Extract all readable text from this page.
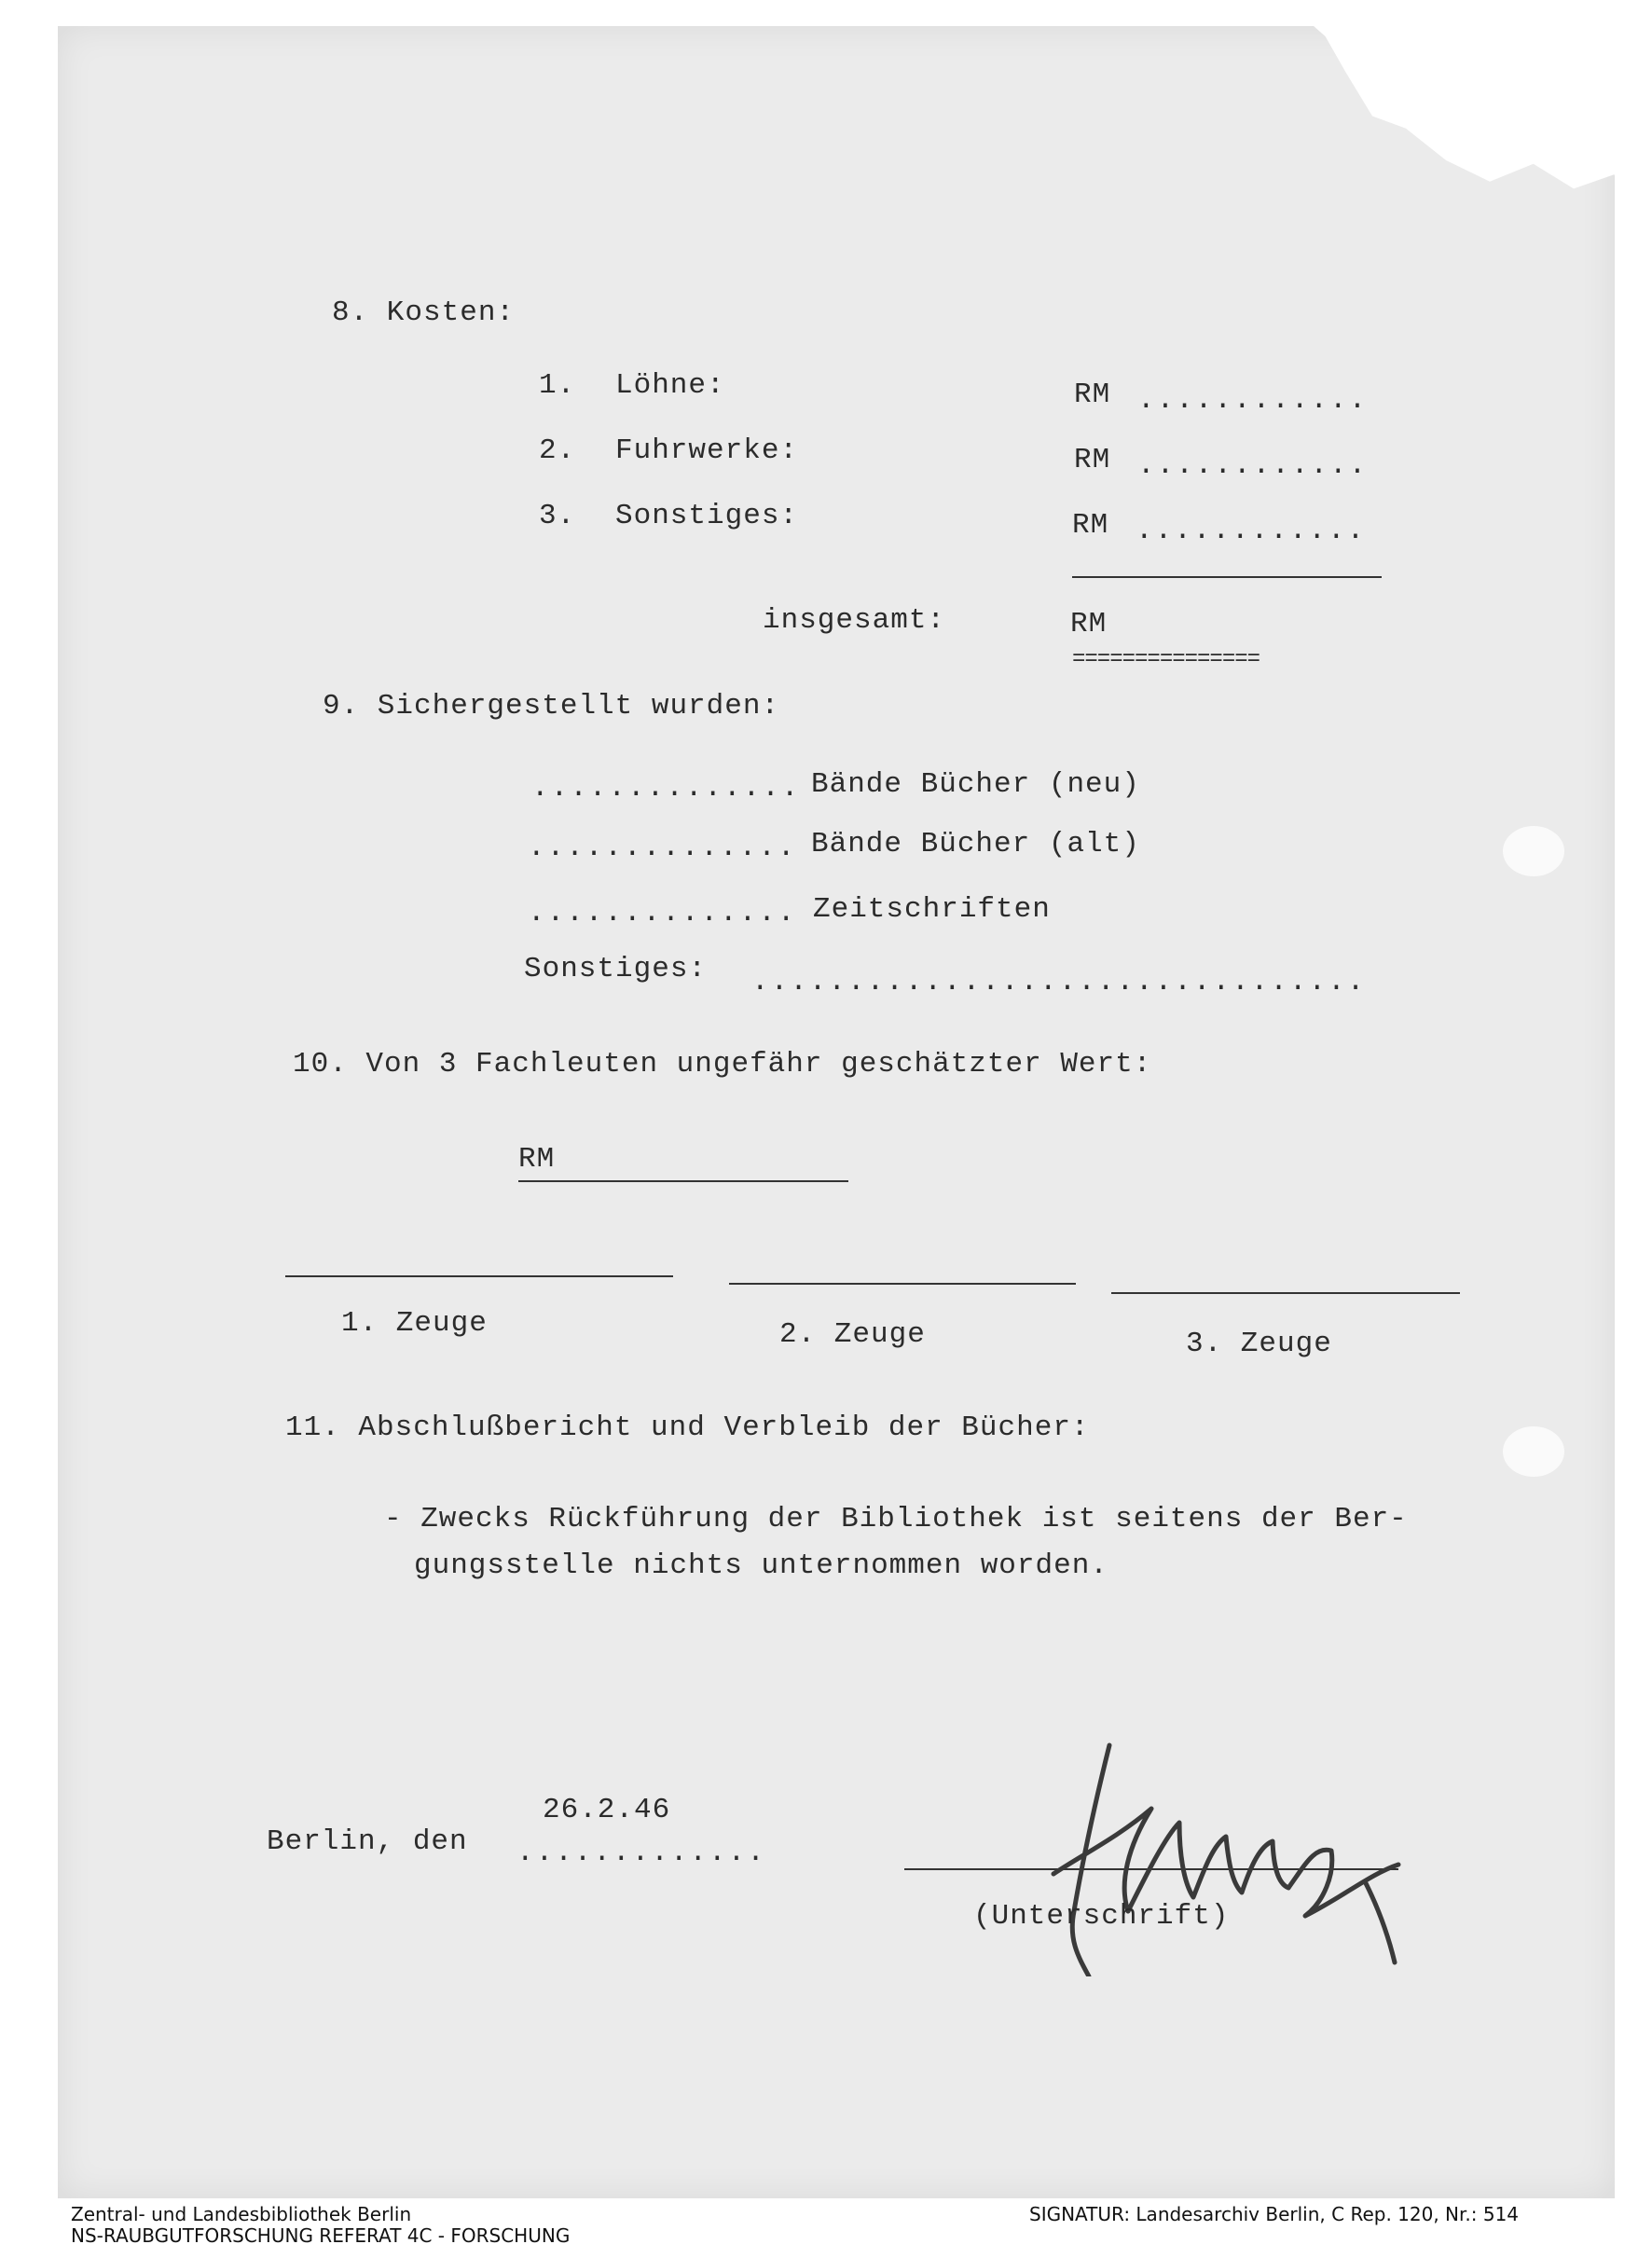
8. Kosten:
1. Löhne:	RM ............
2. Fuhrwerke:	RM ............
3. Sonstiges:	RM ............
insgesamt:	RM
===============
9. Sichergestellt wurden:
.............. Bände Bücher (neu)
.............. Bände Bücher (alt)
.............. Zeitschriften
Sonstiges: ................................
10. Von 3 Fachleuten ungefähr geschätzter Wert:
RM
1. Zeuge	2. Zeuge	3. Zeuge
11. Abschlußbericht und Verbleib der Bücher:
- Zwecks Rückführung der Bibliothek ist seitens der Ber-
gungsstelle nichts unternommen worden.
26.2.46
Berlin, den .............
(Unterschrift)
Zentral- und Landesbibliothek Berlin
NS-RAUBGUTFORSCHUNG REFERAT 4C - FORSCHUNG
SIGNATUR: Landesarchiv Berlin, C Rep. 120, Nr.: 514
